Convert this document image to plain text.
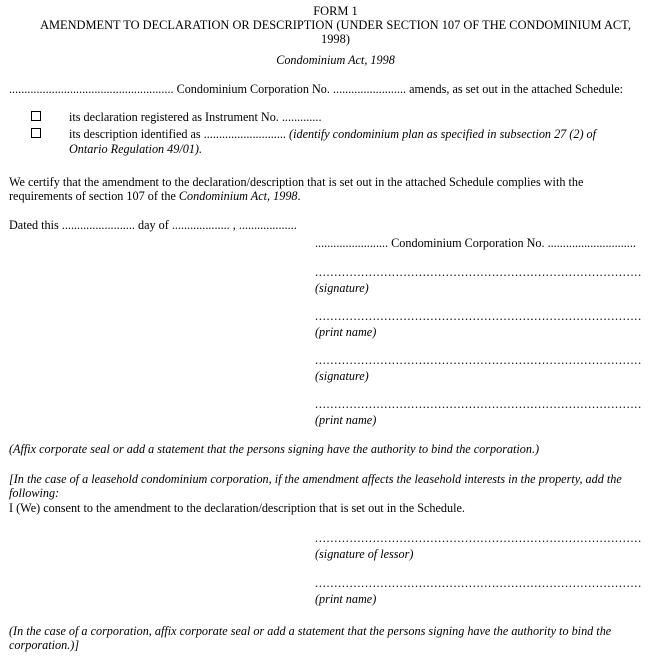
FORM 1
AMENDMENT TO DECLARATION OR DESCRIPTION (UNDER SECTION 107 OF THE CONDOMINIUM ACT,
1998)
Condominium Act, 1998
...................................................... Condominium Corporation No. ........................ amends, as set out in the attached Schedule:
its declaration registered as Instrument No. .............
its description identified as ........................... (identify condominium plan as specified in subsection 27 (2) of
Ontario Regulation 49/01).
We certify that the amendment to the declaration/description that is set out in the attached Schedule complies with the
requirements of section 107 of the Condominium Act, 1998.
Dated this ........................ day of ................... , ...................
........................ Condominium Corporation No. .............................
.....................................................................................
(signature)
.....................................................................................
(print name)
.....................................................................................
(signature)
.....................................................................................
(print name)
(Affix corporate seal or add a statement that the persons signing have the authority to bind the corporation.)
[In the case of a leasehold condominium corporation, if the amendment affects the leasehold interests in the property, add the following:
I (We) consent to the amendment to the declaration/description that is set out in the Schedule.
.....................................................................................
(signature of lessor)
.....................................................................................
(print name)
(In the case of a corporation, affix corporate seal or add a statement that the persons signing have the authority to bind the corporation.)]
